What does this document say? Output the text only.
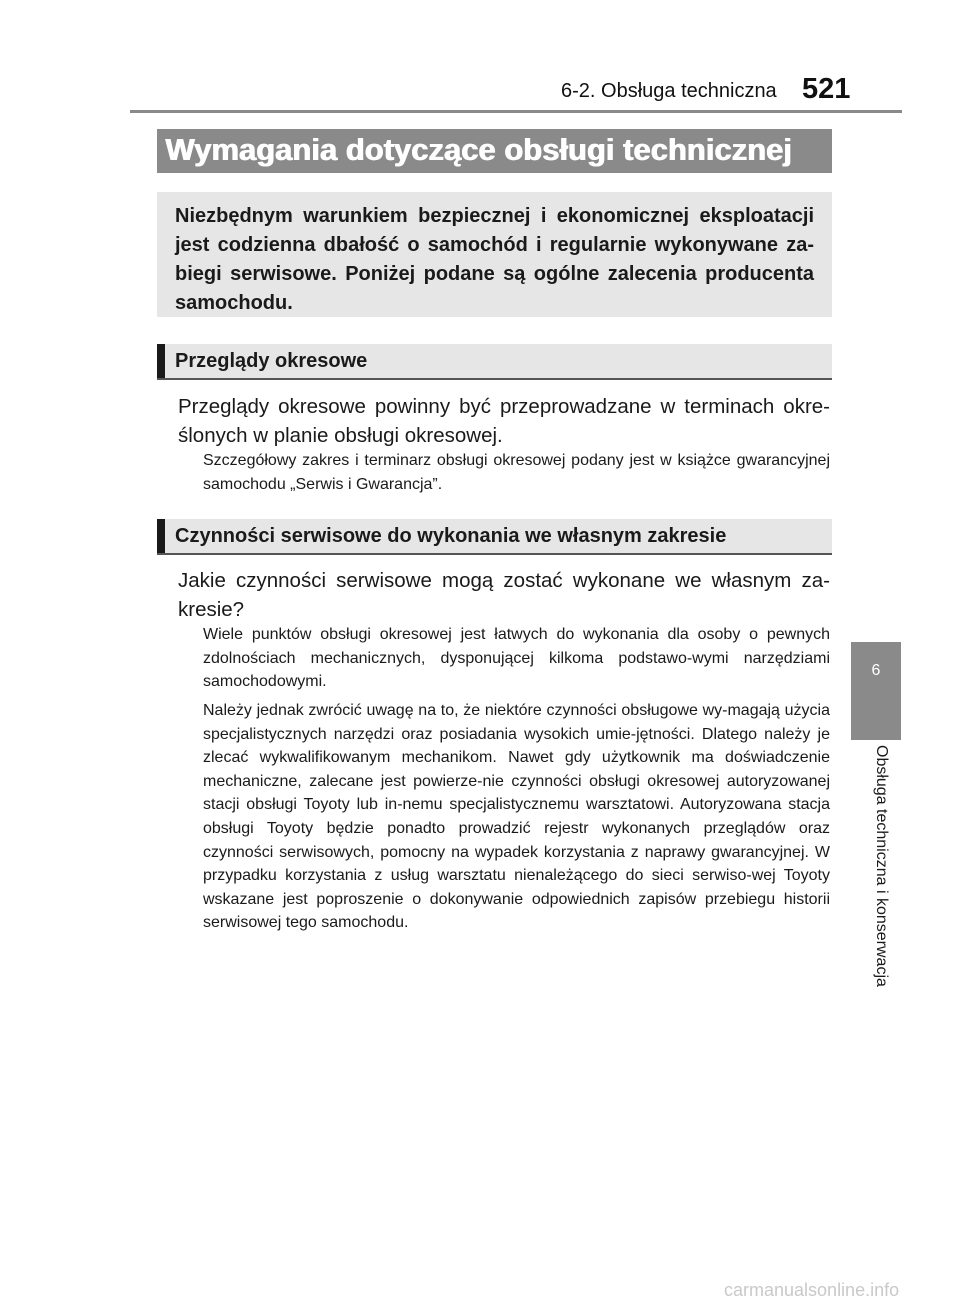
6-2. Obsługa techniczna 521
Wymagania dotyczące obsługi technicznej
Niezbędnym warunkiem bezpiecznej i ekonomicznej eksploatacji jest codzienna dbałość o samochód i regularnie wykonywane za-biegi serwisowe. Poniżej podane są ogólne zalecenia producenta samochodu.
Przeglądy okresowe
Przeglądy okresowe powinny być przeprowadzane w terminach okre-ślonych w planie obsługi okresowej.
Szczegółowy zakres i terminarz obsługi okresowej podany jest w książce gwarancyjnej samochodu „Serwis i Gwarancja”.
Czynności serwisowe do wykonania we własnym zakresie
Jakie czynności serwisowe mogą zostać wykonane we własnym za-kresie?
Wiele punktów obsługi okresowej jest łatwych do wykonania dla osoby o pewnych zdolnościach mechanicznych, dysponującej kilkoma podstawo-wymi narzędziami samochodowymi.
Należy jednak zwrócić uwagę na to, że niektóre czynności obsługowe wy-magają użycia specjalistycznych narzędzi oraz posiadania wysokich umie-jętności. Dlatego należy je zlecać wykwalifikowanym mechanikom. Nawet gdy użytkownik ma doświadczenie mechaniczne, zalecane jest powierze-nie czynności obsługi okresowej autoryzowanej stacji obsługi Toyoty lub in-nemu specjalistycznemu warsztatowi. Autoryzowana stacja obsługi Toyoty będzie ponadto prowadzić rejestr wykonanych przeglądów oraz czynności serwisowych, pomocny na wypadek korzystania z naprawy gwarancyjnej. W przypadku korzystania z usług warsztatu nienależącego do sieci serwiso-wej Toyoty wskazane jest poproszenie o dokonywanie odpowiednich zapisów przebiegu historii serwisowej tego samochodu.
6
Obsługa techniczna i konserwacja
carmanualsonline.info
